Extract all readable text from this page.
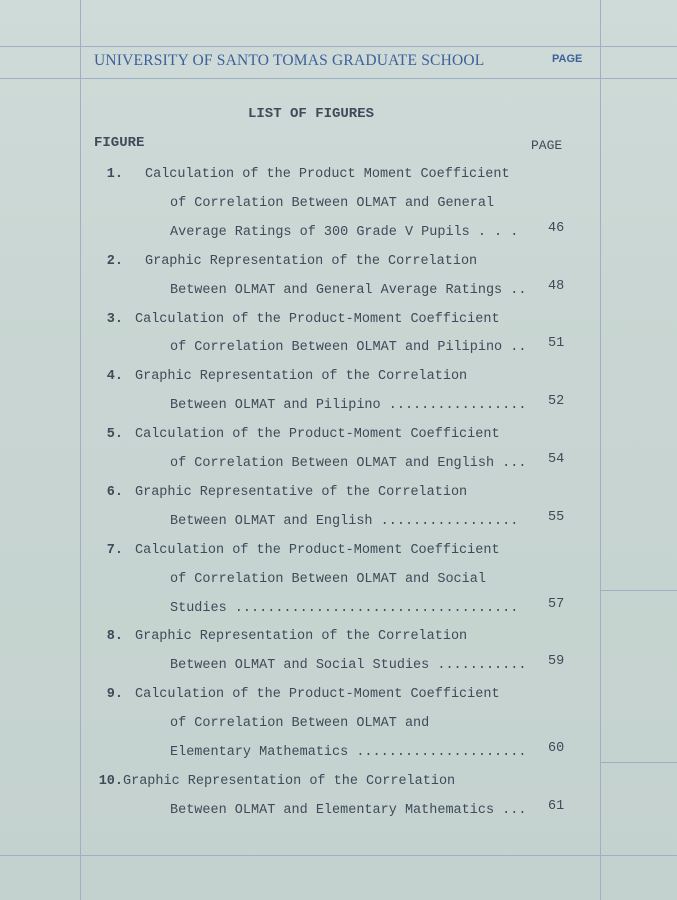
UNIVERSITY OF SANTO TOMAS GRADUATE SCHOOL	PAGE
LIST OF FIGURES
FIGURE	PAGE
1. Calculation of the Product Moment Coefficient
of Correlation Between OLMAT and General
Average Ratings of 300 Grade V Pupils . . . 46
2. Graphic Representation of the Correlation
Between OLMAT and General Average Ratings .. 48
3. Calculation of the Product-Moment Coefficient
of Correlation Between OLMAT and Pilipino .. 51
4. Graphic Representation of the Correlation
Between OLMAT and Pilipino ................. 52
5. Calculation of the Product-Moment Coefficient
of Correlation Between OLMAT and English ... 54
6. Graphic Representative of the Correlation
Between OLMAT and English ................. 55
7. Calculation of the Product-Moment Coefficient
of Correlation Between OLMAT and Social
Studies ................................... 57
8. Graphic Representation of the Correlation
Between OLMAT and Social Studies ........... 59
9. Calculation of the Product-Moment Coefficient
of Correlation Between OLMAT and
Elementary Mathematics ..................... 60
10. Graphic Representation of the Correlation
Between OLMAT and Elementary Mathematics ... 61
